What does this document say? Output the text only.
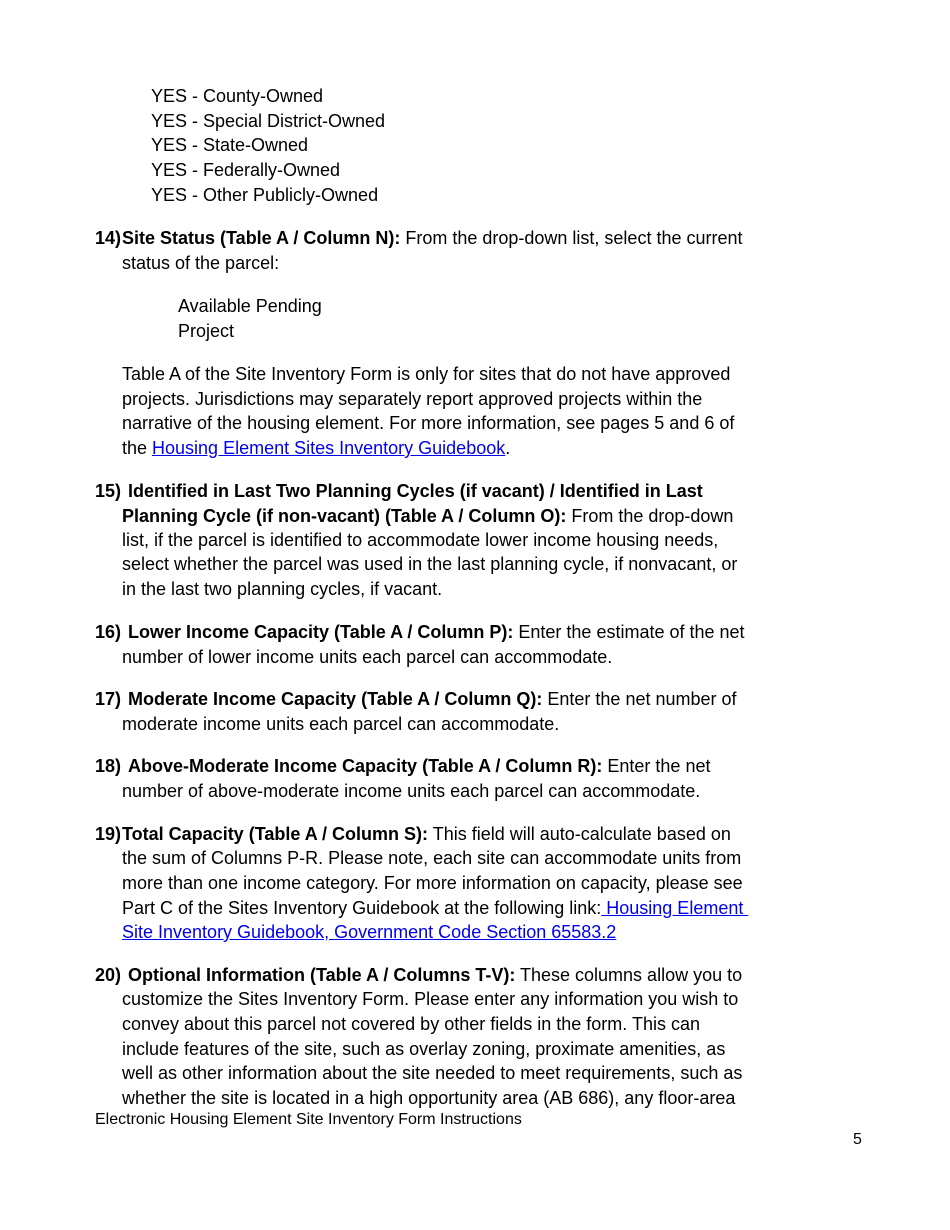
YES - County-Owned
YES - Special District-Owned
YES - State-Owned
YES - Federally-Owned
YES - Other Publicly-Owned
14) Site Status (Table A / Column N): From the drop-down list, select the current
status of the parcel:
Available Pending
Project
Table A of the Site Inventory Form is only for sites that do not have approved
projects. Jurisdictions may separately report approved projects within the
narrative of the housing element. For more information, see pages 5 and 6 of
the Housing Element Sites Inventory Guidebook.
15) Identified in Last Two Planning Cycles (if vacant) / Identified in Last
Planning Cycle (if non-vacant) (Table A / Column O): From the drop-down
list, if the parcel is identified to accommodate lower income housing needs,
select whether the parcel was used in the last planning cycle, if nonvacant, or
in the last two planning cycles, if vacant.
16) Lower Income Capacity (Table A / Column P): Enter the estimate of the net
number of lower income units each parcel can accommodate.
17) Moderate Income Capacity (Table A / Column Q): Enter the net number of
moderate income units each parcel can accommodate.
18) Above-Moderate Income Capacity (Table A / Column R): Enter the net
number of above-moderate income units each parcel can accommodate.
19) Total Capacity (Table A / Column S): This field will auto-calculate based on
the sum of Columns P-R. Please note, each site can accommodate units from
more than one income category. For more information on capacity, please see
Part C of the Sites Inventory Guidebook at the following link: Housing Element
Site Inventory Guidebook, Government Code Section 65583.2
20) Optional Information (Table A / Columns T-V): These columns allow you to
customize the Sites Inventory Form. Please enter any information you wish to
convey about this parcel not covered by other fields in the form. This can
include features of the site, such as overlay zoning, proximate amenities, as
well as other information about the site needed to meet requirements, such as
whether the site is located in a high opportunity area (AB 686), any floor-area
Electronic Housing Element Site Inventory Form Instructions
5
